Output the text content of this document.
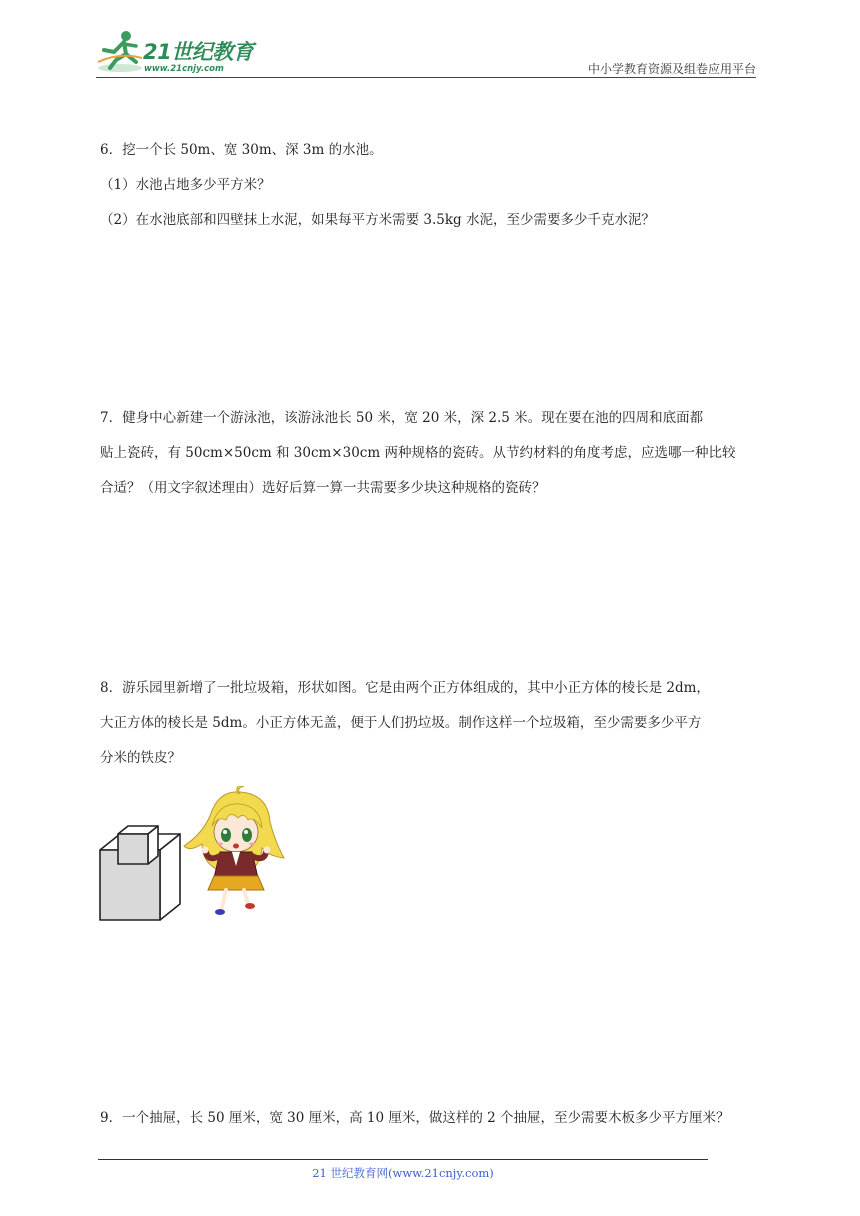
21世纪教育
www.21cnjy.com	中小学教育资源及组卷应用平台

6．挖一个长 50m、宽 30m、深 3m 的水池。

（1）水池占地多少平方米？

（2）在水池底部和四壁抹上水泥，如果每平方米需要 3.5kg 水泥，至少需要多少千克水泥？

7．健身中心新建一个游泳池，该游泳池长 50 米，宽 20 米，深 2.5 米。现在要在池的四周和底面都

贴上瓷砖，有 50cm×50cm 和 30cm×30cm 两种规格的瓷砖。从节约材料的角度考虑，应选哪一种比较

合适？（用文字叙述理由）选好后算一算一共需要多少块这种规格的瓷砖？

8．游乐园里新增了一批垃圾箱，形状如图。它是由两个正方体组成的，其中小正方体的棱长是 2dm，

大正方体的棱长是 5dm。小正方体无盖，便于人们扔垃圾。制作这样一个垃圾箱，至少需要多少平方

分米的铁皮？

9．一个抽屉，长 50 厘米，宽 30 厘米，高 10 厘米，做这样的 2 个抽屉，至少需要木板多少平方厘米？

21 世纪教育网(www.21cnjy.com)
